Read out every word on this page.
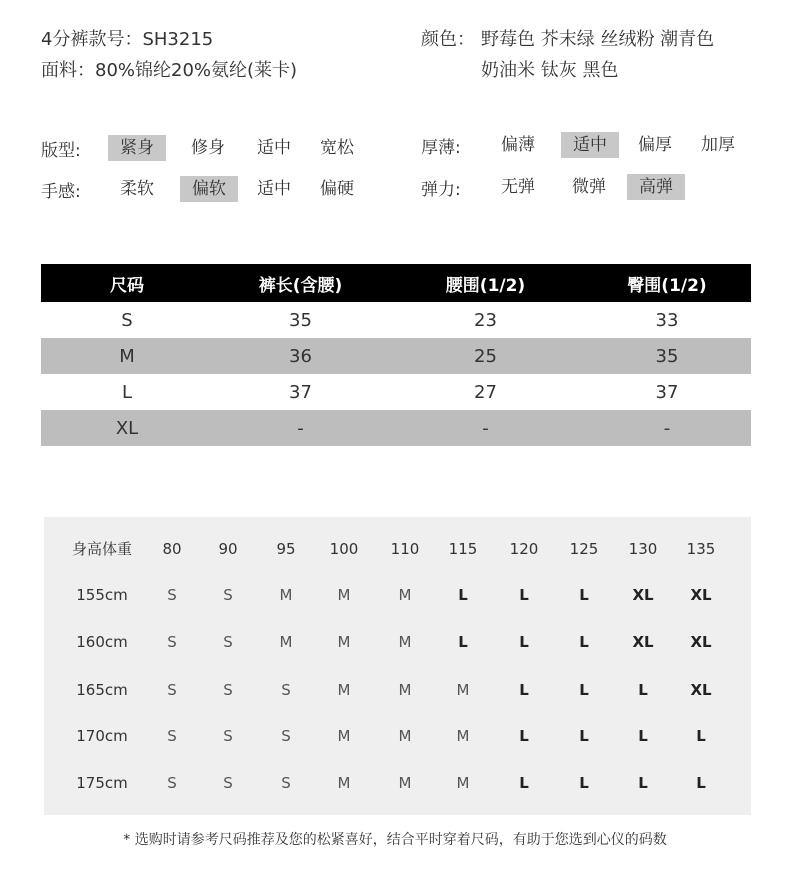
4分裤款号：SH3215
面料：80%锦纶20%氨纶(莱卡)
颜色： 野莓色 芥末绿 丝绒粉 潮青色
奶油米 钛灰 黑色
版型:	紧身	修身	适中	宽松	厚薄:	偏薄	适中	偏厚	加厚
手感:	柔软	偏软	适中	偏硬	弹力:	无弹	微弹	高弹
尺码	裤长(含腰)	腰围(1/2)	臀围(1/2)
S	35	23	33
M	36	25	35
L	37	27	37
XL	-	-	-
身高体重	80	90	95	100	110	115	120	125	130	135
155cm	S	S	M	M	M	L	L	L	XL	XL
160cm	S	S	M	M	M	L	L	L	XL	XL
165cm	S	S	S	M	M	M	L	L	L	XL
170cm	S	S	S	M	M	M	L	L	L	L
175cm	S	S	S	M	M	M	L	L	L	L
* 选购时请参考尺码推荐及您的松紧喜好，结合平时穿着尺码，有助于您选到心仪的码数
